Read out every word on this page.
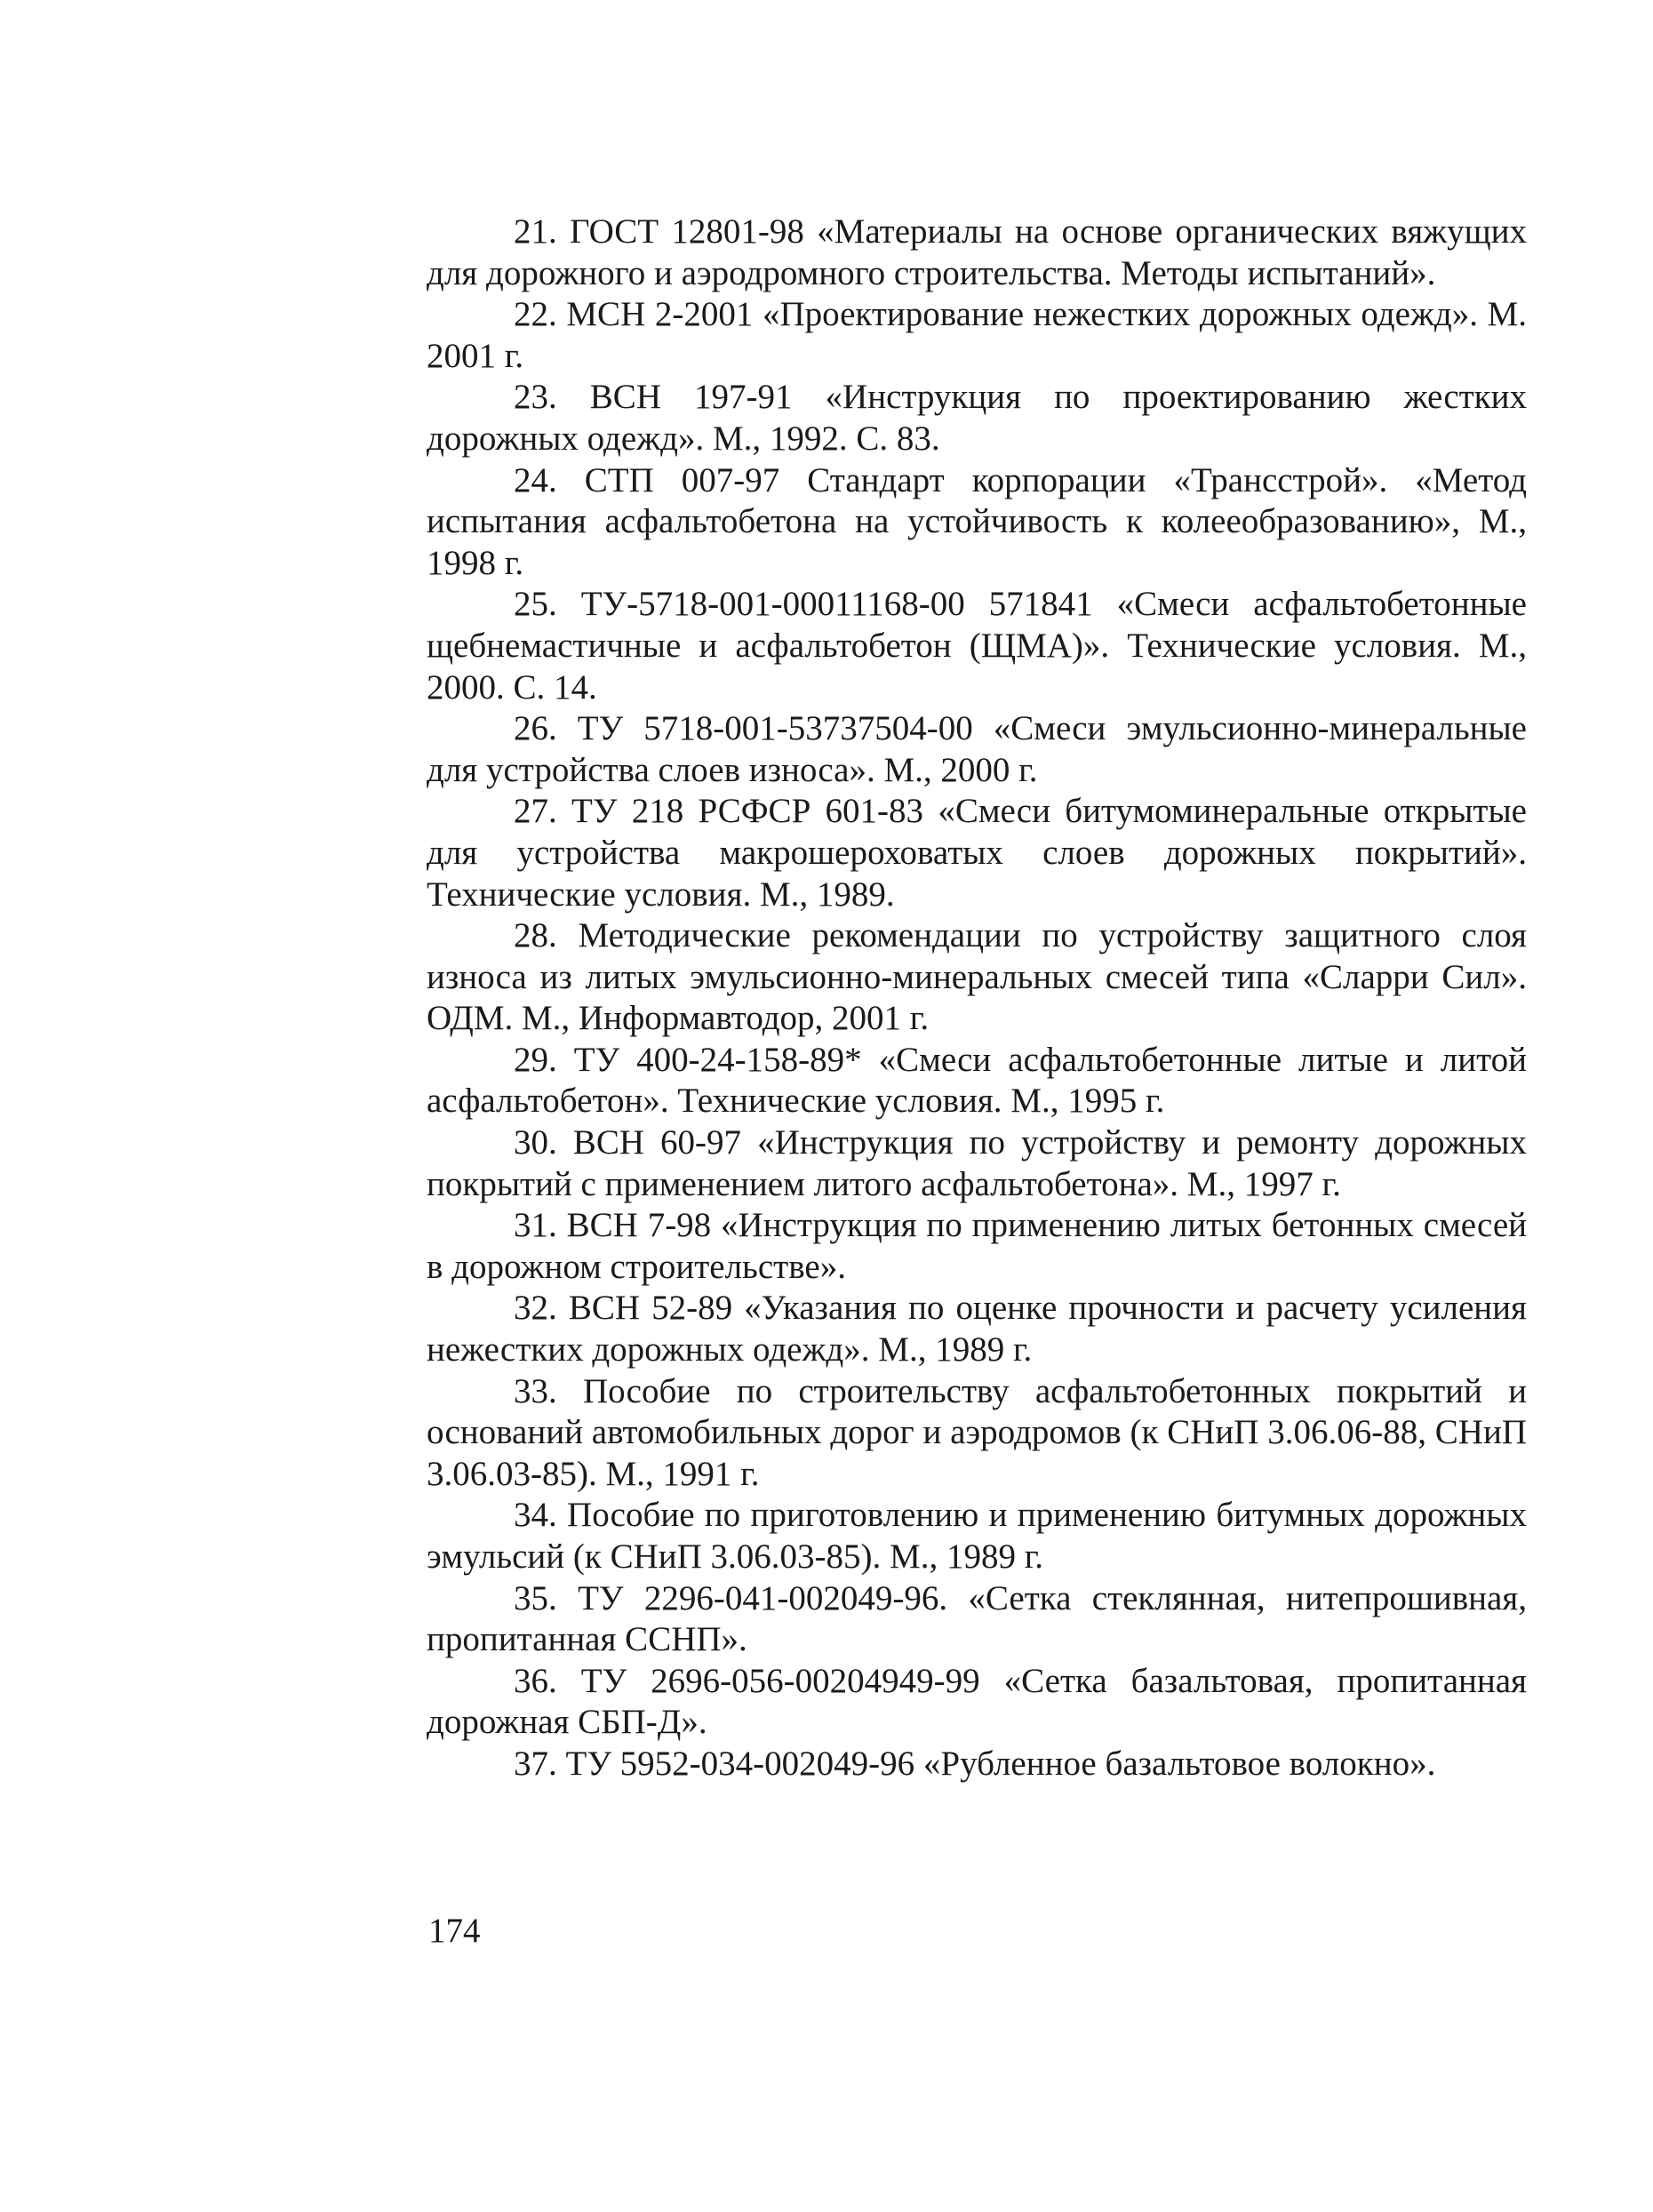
21. ГОСТ 12801-98 «Материалы на основе органических вяжущих для дорожного и аэродромного строительства. Методы испытаний».

22. МСН 2-2001 «Проектирование нежестких дорожных одежд». М. 2001 г.

23. ВСН 197-91 «Инструкция по проектированию жестких дорожных одежд». М., 1992. С. 83.

24. СТП 007-97 Стандарт корпорации «Трансстрой». «Метод испытания асфальтобетона на устойчивость к колееобразованию», М., 1998 г.

25. ТУ-5718-001-00011168-00 571841 «Смеси асфальтобетонные щебнемастичные и асфальтобетон (ЩМА)». Технические условия. М., 2000. С. 14.

26. ТУ 5718-001-53737504-00 «Смеси эмульсионно-минеральные для устройства слоев износа». М., 2000 г.

27. ТУ 218 РСФСР 601-83 «Смеси битумоминеральные открытые для устройства макрошероховатых слоев дорожных покрытий». Технические условия. М., 1989.

28. Методические рекомендации по устройству защитного слоя износа из литых эмульсионно-минеральных смесей типа «Сларри Сил». ОДМ. М., Информавтодор, 2001 г.

29. ТУ 400-24-158-89* «Смеси асфальтобетонные литые и литой асфальтобетон». Технические условия. М., 1995 г.

30. ВСН 60-97 «Инструкция по устройству и ремонту дорожных покрытий с применением литого асфальтобетона». М., 1997 г.

31. ВСН 7-98 «Инструкция по применению литых бетонных смесей в дорожном строительстве».

32. ВСН 52-89 «Указания по оценке прочности и расчету усиления нежестких дорожных одежд». М., 1989 г.

33. Пособие по строительству асфальтобетонных покрытий и оснований автомобильных дорог и аэродромов (к СНиП 3.06.06-88, СНиП 3.06.03-85). М., 1991 г.

34. Пособие по приготовлению и применению битумных дорожных эмульсий (к СНиП 3.06.03-85). М., 1989 г.

35. ТУ 2296-041-002049-96. «Сетка стеклянная, нитепрошивная, пропитанная ССНП».

36. ТУ 2696-056-00204949-99 «Сетка базальтовая, пропитанная дорожная СБП-Д».

37. ТУ 5952-034-002049-96 «Рубленное базальтовое волокно».

174
